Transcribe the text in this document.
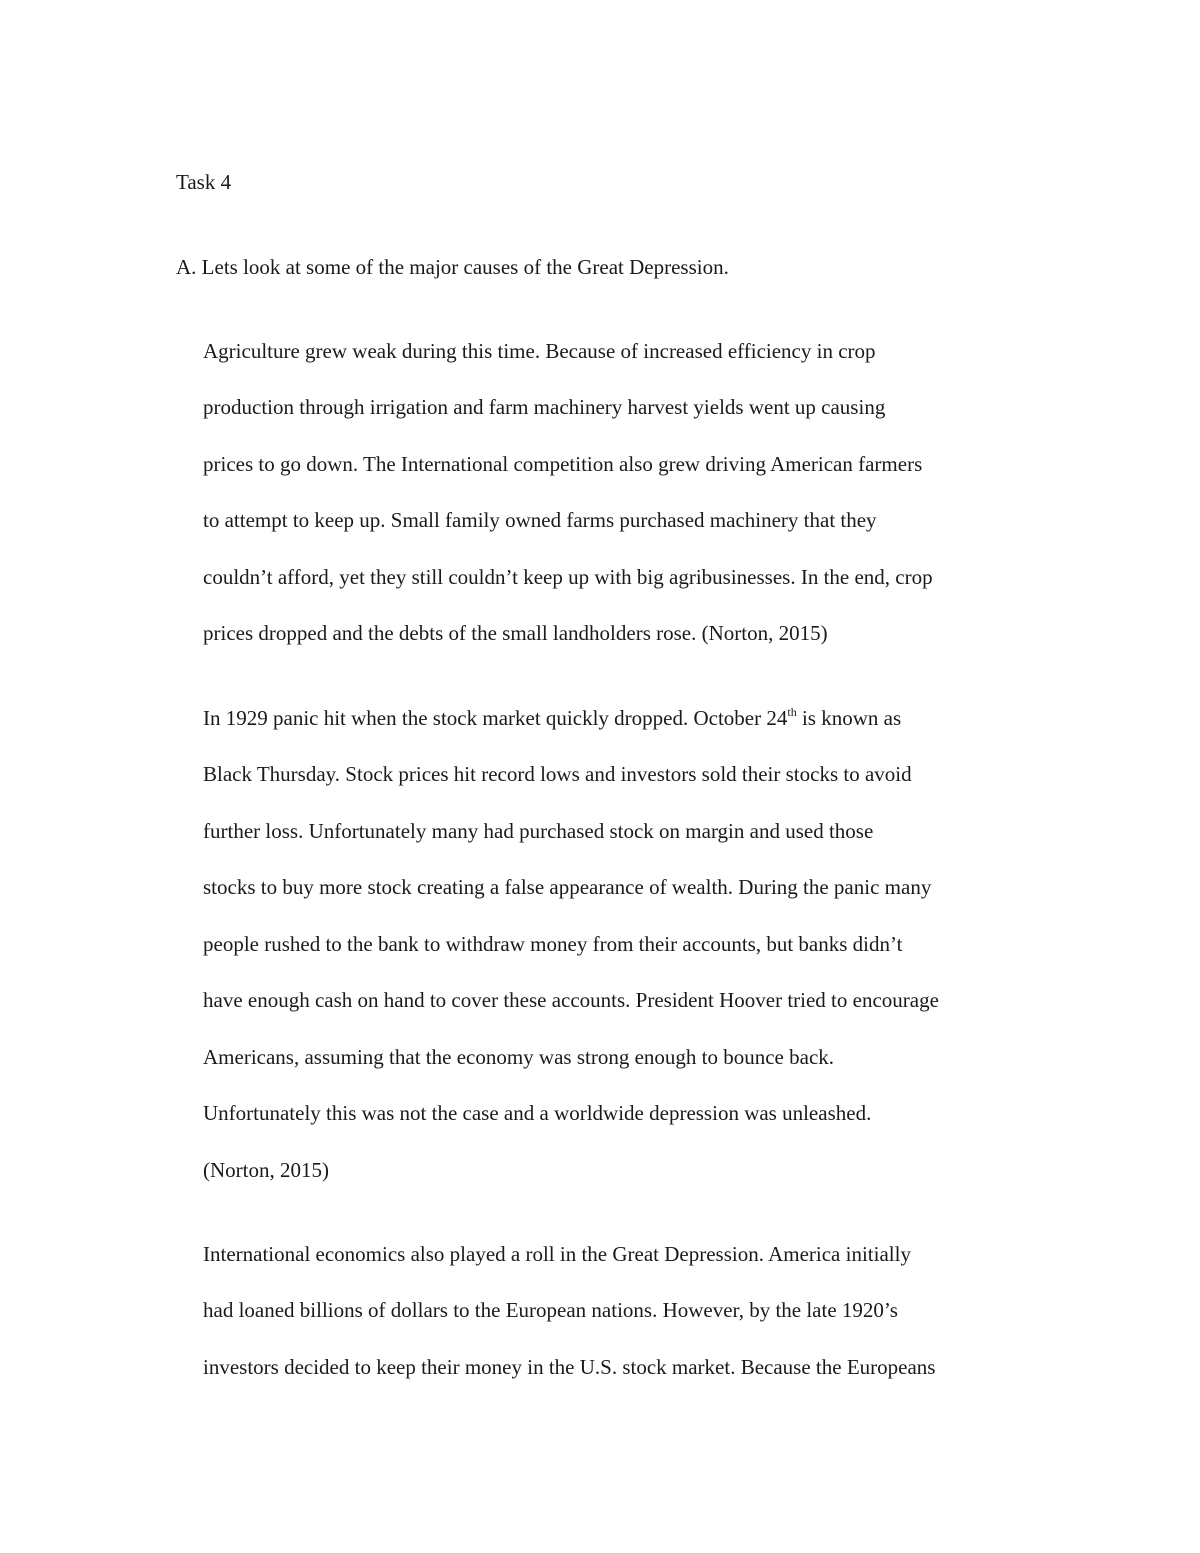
Task 4

A. Lets look at some of the major causes of the Great Depression.

Agriculture grew weak during this time. Because of increased efficiency in crop

production through irrigation and farm machinery harvest yields went up causing

prices to go down. The International competition also grew driving American farmers

to attempt to keep up. Small family owned farms purchased machinery that they

couldn’t afford, yet they still couldn’t keep up with big agribusinesses. In the end, crop

prices dropped and the debts of the small landholders rose. (Norton, 2015)

In 1929 panic hit when the stock market quickly dropped. October 24th is known as

Black Thursday. Stock prices hit record lows and investors sold their stocks to avoid

further loss. Unfortunately many had purchased stock on margin and used those

stocks to buy more stock creating a false appearance of wealth. During the panic many

people rushed to the bank to withdraw money from their accounts, but banks didn’t

have enough cash on hand to cover these accounts. President Hoover tried to encourage

Americans, assuming that the economy was strong enough to bounce back.

Unfortunately this was not the case and a worldwide depression was unleashed.

(Norton, 2015)

International economics also played a roll in the Great Depression. America initially

had loaned billions of dollars to the European nations. However, by the late 1920’s

investors decided to keep their money in the U.S. stock market. Because the Europeans
